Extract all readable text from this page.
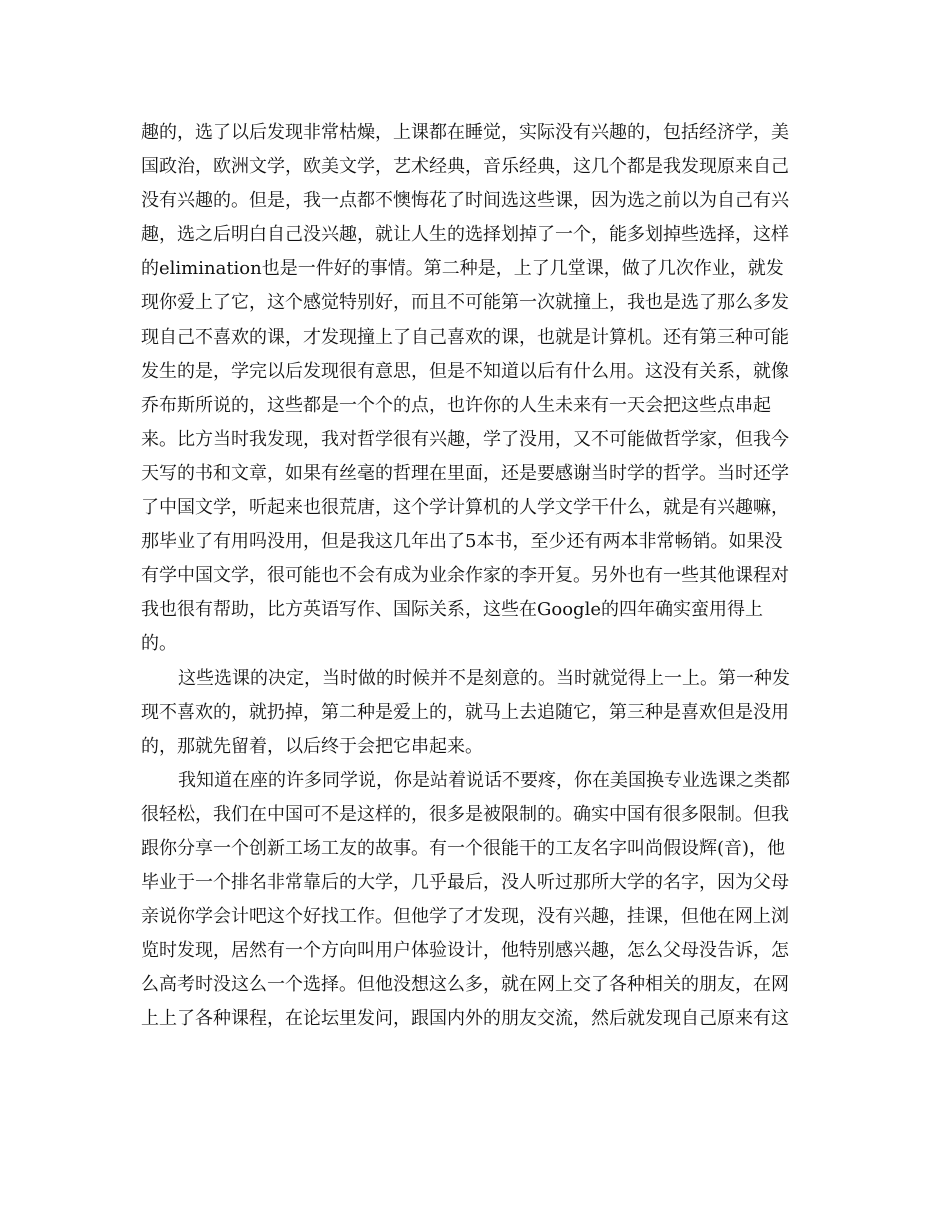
趣的，选了以后发现非常枯燥，上课都在睡觉，实际没有兴趣的，包括经济学，美
国政治，欧洲文学，欧美文学，艺术经典，音乐经典，这几个都是我发现原来自己
没有兴趣的。但是，我一点都不懊悔花了时间选这些课，因为选之前以为自己有兴
趣，选之后明白自己没兴趣，就让人生的选择划掉了一个，能多划掉些选择，这样
的elimination也是一件好的事情。第二种是，上了几堂课，做了几次作业，就发
现你爱上了它，这个感觉特别好，而且不可能第一次就撞上，我也是选了那么多发
现自己不喜欢的课，才发现撞上了自己喜欢的课，也就是计算机。还有第三种可能
发生的是，学完以后发现很有意思，但是不知道以后有什么用。这没有关系，就像
乔布斯所说的，这些都是一个个的点，也许你的人生未来有一天会把这些点串起
来。比方当时我发现，我对哲学很有兴趣，学了没用，又不可能做哲学家，但我今
天写的书和文章，如果有丝毫的哲理在里面，还是要感谢当时学的哲学。当时还学
了中国文学，听起来也很荒唐，这个学计算机的人学文学干什么，就是有兴趣嘛，
那毕业了有用吗没用，但是我这几年出了5本书，至少还有两本非常畅销。如果没
有学中国文学，很可能也不会有成为业余作家的李开复。另外也有一些其他课程对
我也很有帮助，比方英语写作、国际关系，这些在Google的四年确实蛮用得上
的。
这些选课的决定，当时做的时候并不是刻意的。当时就觉得上一上。第一种发
现不喜欢的，就扔掉，第二种是爱上的，就马上去追随它，第三种是喜欢但是没用
的，那就先留着，以后终于会把它串起来。
我知道在座的许多同学说，你是站着说话不要疼，你在美国换专业选课之类都
很轻松，我们在中国可不是这样的，很多是被限制的。确实中国有很多限制。但我
跟你分享一个创新工场工友的故事。有一个很能干的工友名字叫尚假设辉(音)，他
毕业于一个排名非常靠后的大学，几乎最后，没人听过那所大学的名字，因为父母
亲说你学会计吧这个好找工作。但他学了才发现，没有兴趣，挂课，但他在网上浏
览时发现，居然有一个方向叫用户体验设计，他特别感兴趣，怎么父母没告诉，怎
么高考时没这么一个选择。但他没想这么多，就在网上交了各种相关的朋友，在网
上上了各种课程，在论坛里发问，跟国内外的朋友交流，然后就发现自己原来有这
